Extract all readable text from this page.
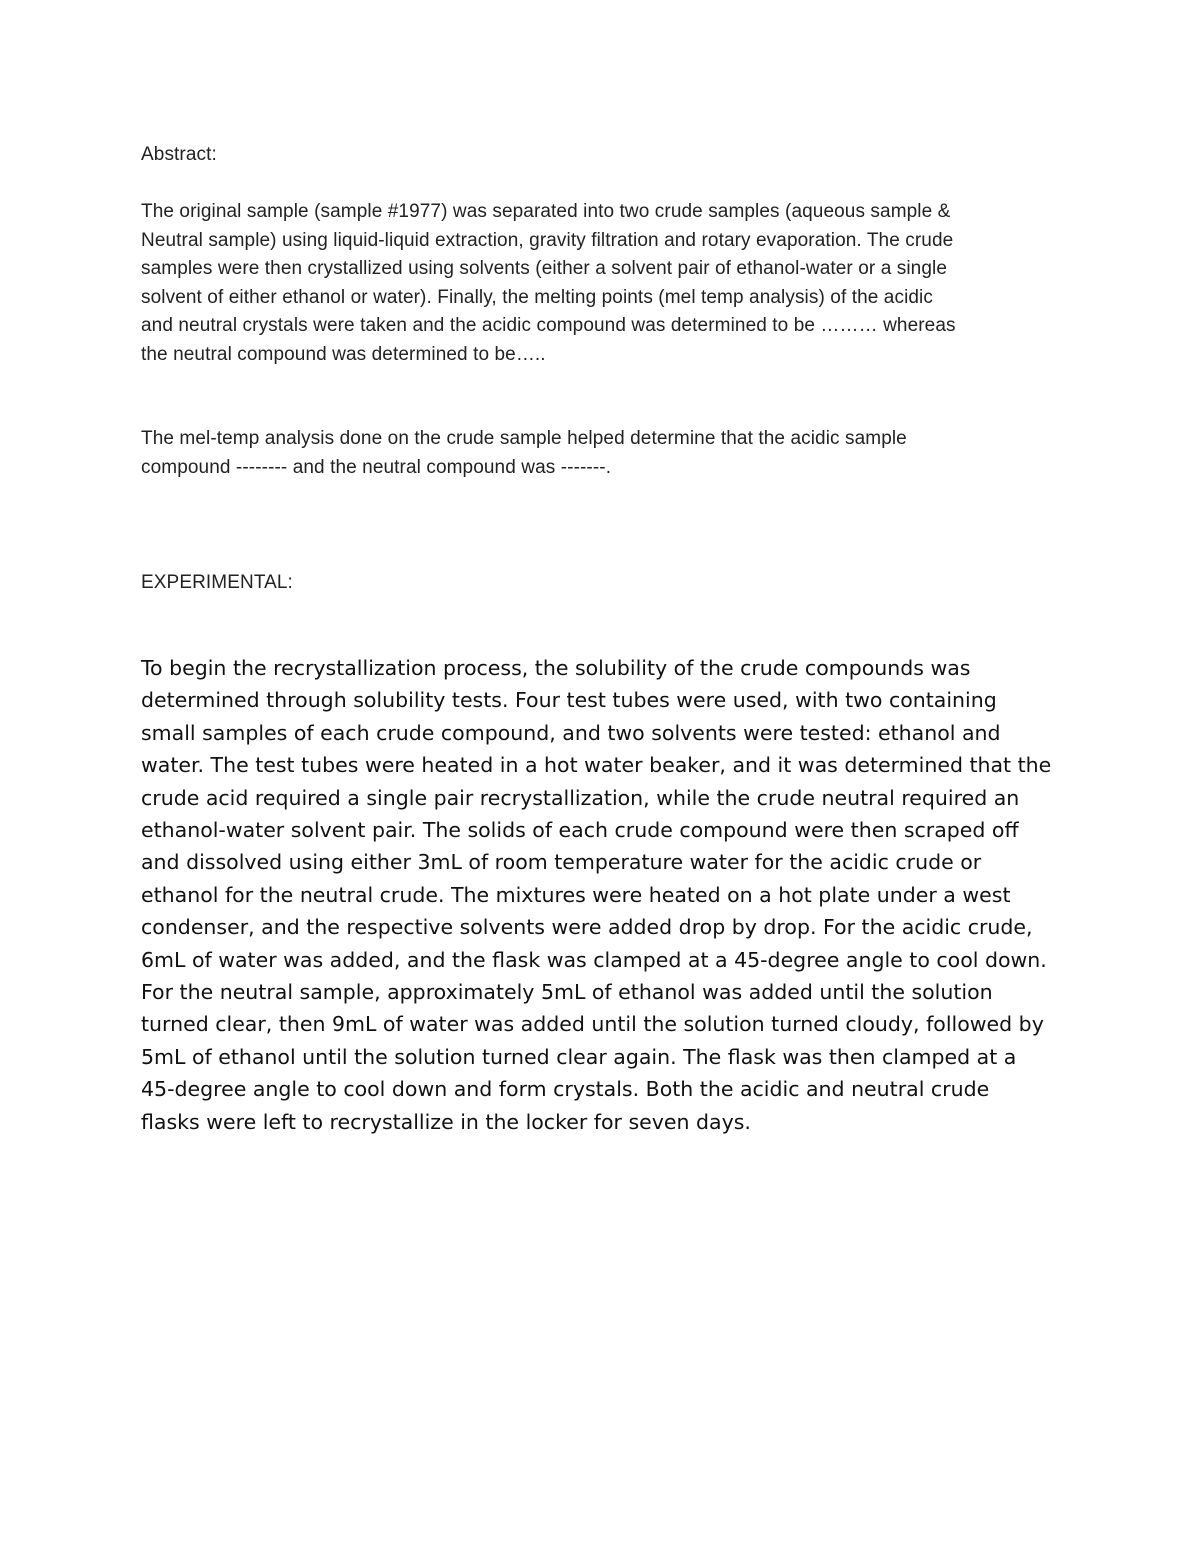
Abstract:

The original sample (sample #1977) was separated into two crude samples (aqueous sample &
Neutral sample) using liquid-liquid extraction, gravity filtration and rotary evaporation. The crude
samples were then crystallized using solvents (either a solvent pair of ethanol-water or a single
solvent of either ethanol or water). Finally, the melting points (mel temp analysis) of the acidic
and neutral crystals were taken and the acidic compound was determined to be ……… whereas
the neutral compound was determined to be…..
The mel-temp analysis done on the crude sample helped determine that the acidic sample
compound -------- and the neutral compound was -------.

EXPERIMENTAL:

To begin the recrystallization process, the solubility of the crude compounds was
determined through solubility tests. Four test tubes were used, with two containing
small samples of each crude compound, and two solvents were tested: ethanol and
water. The test tubes were heated in a hot water beaker, and it was determined that the
crude acid required a single pair recrystallization, while the crude neutral required an
ethanol-water solvent pair. The solids of each crude compound were then scraped off
and dissolved using either 3mL of room temperature water for the acidic crude or
ethanol for the neutral crude. The mixtures were heated on a hot plate under a west
condenser, and the respective solvents were added drop by drop. For the acidic crude,
6mL of water was added, and the flask was clamped at a 45-degree angle to cool down.
For the neutral sample, approximately 5mL of ethanol was added until the solution
turned clear, then 9mL of water was added until the solution turned cloudy, followed by
5mL of ethanol until the solution turned clear again. The flask was then clamped at a
45-degree angle to cool down and form crystals. Both the acidic and neutral crude
flasks were left to recrystallize in the locker for seven days.
